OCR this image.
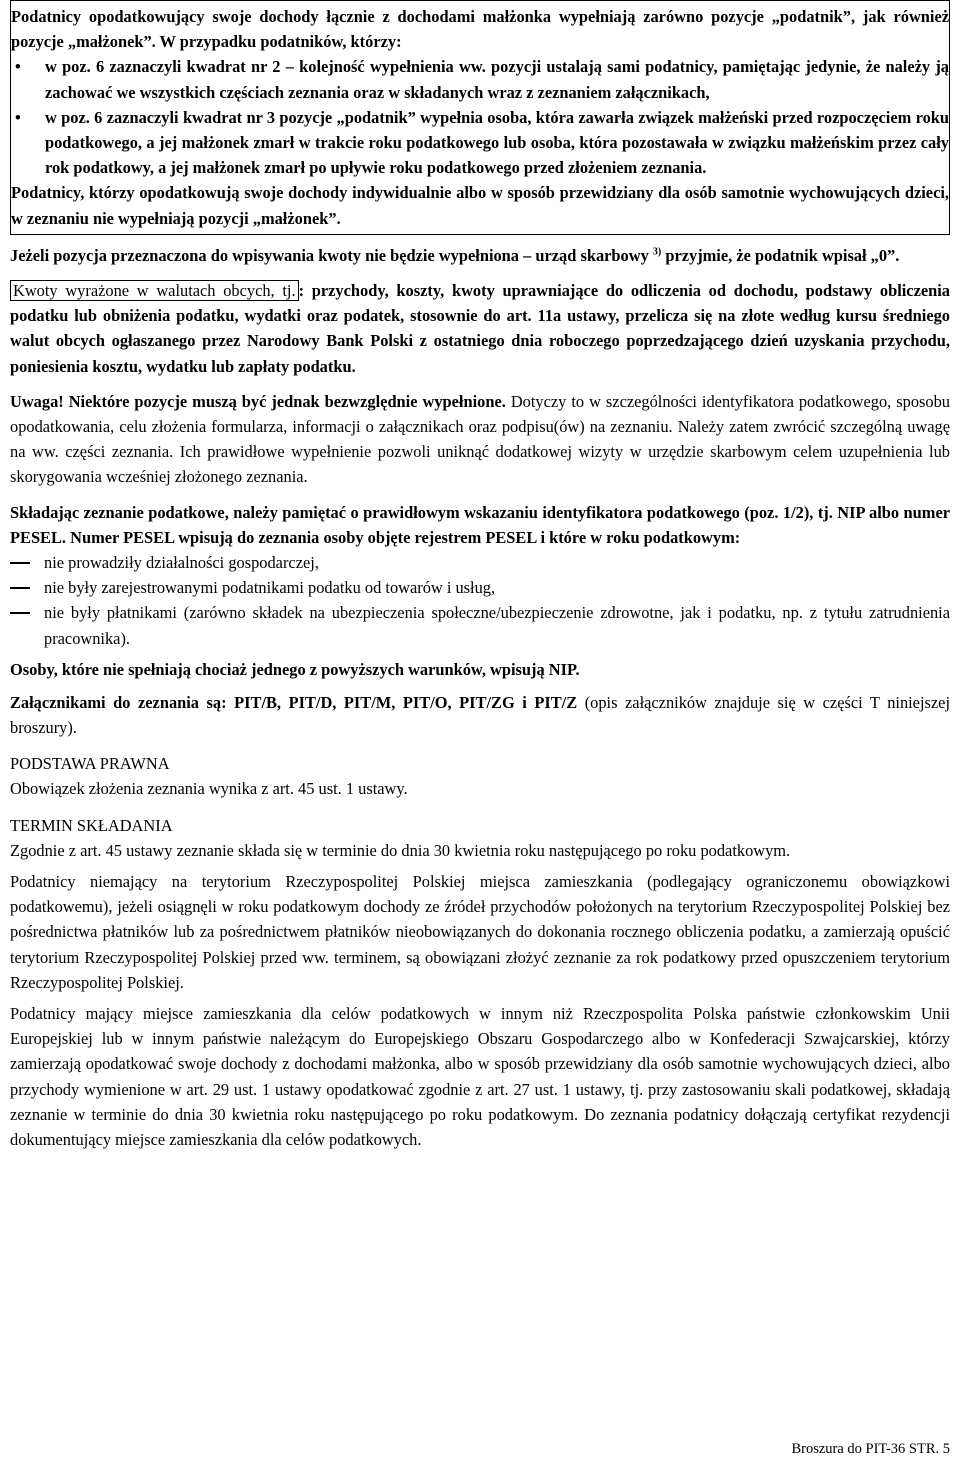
Podatnicy opodatkowujący swoje dochody łącznie z dochodami małżonka wypełniają zarówno pozycje „podatnik”, jak również pozycje „małżonek”. W przypadku podatników, którzy:

• w poz. 6 zaznaczyli kwadrat nr 2 – kolejność wypełnienia ww. pozycji ustalają sami podatnicy, pamiętając jedynie, że należy ją zachować we wszystkich częściach zeznania oraz w składanych wraz z zeznaniem załącznikach,
• w poz. 6 zaznaczyli kwadrat nr 3 pozycje „podatnik” wypełnia osoba, która zawarła związek małżeński przed rozpoczęciem roku podatkowego, a jej małżonek zmarł w trakcie roku podatkowego lub osoba, która pozostawała w związku małżeńskim przez cały rok podatkowy, a jej małżonek zmarł po upływie roku podatkowego przed złożeniem zeznania.

Podatnicy, którzy opodatkowują swoje dochody indywidualnie albo w sposób przewidziany dla osób samotnie wychowujących dzieci, w zeznaniu nie wypełniają pozycji „małżonek”.

Jeżeli pozycja przeznaczona do wpisywania kwoty nie będzie wypełniona – urząd skarbowy $^{3)}$ przyjmie, że podatnik wpisał „0”.

Kwoty wyrażone w walutach obcych, tj. : przychody, koszty, kwoty uprawniające do odliczenia od dochodu, podstawy obliczenia podatku lub obniżenia podatku, wydatki oraz podatek, stosownie do art. 11a ustawy, przelicza się na złote według kursu średniego walut obcych ogłaszanego przez Narodowy Bank Polski z ostatniego dnia roboczego poprzedzającego dzień uzyskania przychodu, poniesienia kosztu, wydatku lub zapłaty podatku.

Uwaga! Niektóre pozycje muszą być jednak bezwzględnie wypełnione. Dotyczy to w szczególności identyfikatora podatkowego, sposobu opodatkowania, celu złożenia formularza, informacji o załącznikach oraz podpisu(ów) na zeznaniu. Należy zatem zwrócić szczególną uwagę na ww. części zeznania. Ich prawidłowe wypełnienie pozwoli uniknąć dodatkowej wizyty w urzędzie skarbowym celem uzupełnienia lub skorygowania wcześniej złożonego zeznania.

Składając zeznanie podatkowe, należy pamiętać o prawidłowym wskazaniu identyfikatora podatkowego (poz. 1/2), tj. NIP albo numer PESEL. Numer PESEL wpisują do zeznania osoby objęte rejestrem PESEL i które w roku podatkowym:

nie prowadziły działalności gospodarczej,
nie były zarejestrowanymi podatnikami podatku od towarów i usług,
nie były płatnikami (zarówno składek na ubezpieczenia społeczne/ubezpieczenie zdrowotne, jak i podatku, np. z tytułu zatrudnienia pracownika).

Osoby, które nie spełniają chociaż jednego z powyższych warunków, wpisują NIP.

Załącznikami do zeznania są: PIT/B, PIT/D, PIT/M, PIT/O, PIT/ZG i PIT/Z (opis załączników znajduje się w części T niniejszej broszury).

PODSTAWA PRAWNA

Obowiązek złożenia zeznania wynika z art. 45 ust. 1 ustawy.

TERMIN SKŁADANIA

Zgodnie z art. 45 ustawy zeznanie składa się w terminie do dnia 30 kwietnia roku następującego po roku podatkowym.

Podatnicy niemający na terytorium Rzeczypospolitej Polskiej miejsca zamieszkania (podlegający ograniczonemu obowiązkowi podatkowemu), jeżeli osiągnęli w roku podatkowym dochody ze źródeł przychodów położonych na terytorium Rzeczypospolitej Polskiej bez pośrednictwa płatników lub za pośrednictwem płatników nieobowiązanych do dokonania rocznego obliczenia podatku, a zamierzają opuścić terytorium Rzeczypospolitej Polskiej przed ww. terminem, są obowiązani złożyć zeznanie za rok podatkowy przed opuszczeniem terytorium Rzeczypospolitej Polskiej.

Podatnicy mający miejsce zamieszkania dla celów podatkowych w innym niż Rzeczpospolita Polska państwie członkowskim Unii Europejskiej lub w innym państwie należącym do Europejskiego Obszaru Gospodarczego albo w Konfederacji Szwajcarskiej, którzy zamierzają opodatkować swoje dochody z dochodami małżonka, albo w sposób przewidziany dla osób samotnie wychowujących dzieci, albo przychody wymienione w art. 29 ust. 1 ustawy opodatkować zgodnie z art. 27 ust. 1 ustawy, tj. przy zastosowaniu skali podatkowej, składają zeznanie w terminie do dnia 30 kwietnia roku następującego po roku podatkowym. Do zeznania podatnicy dołączają certyfikat rezydencji dokumentujący miejsce zamieszkania dla celów podatkowych.

Broszura do PIT-36 STR. 5
